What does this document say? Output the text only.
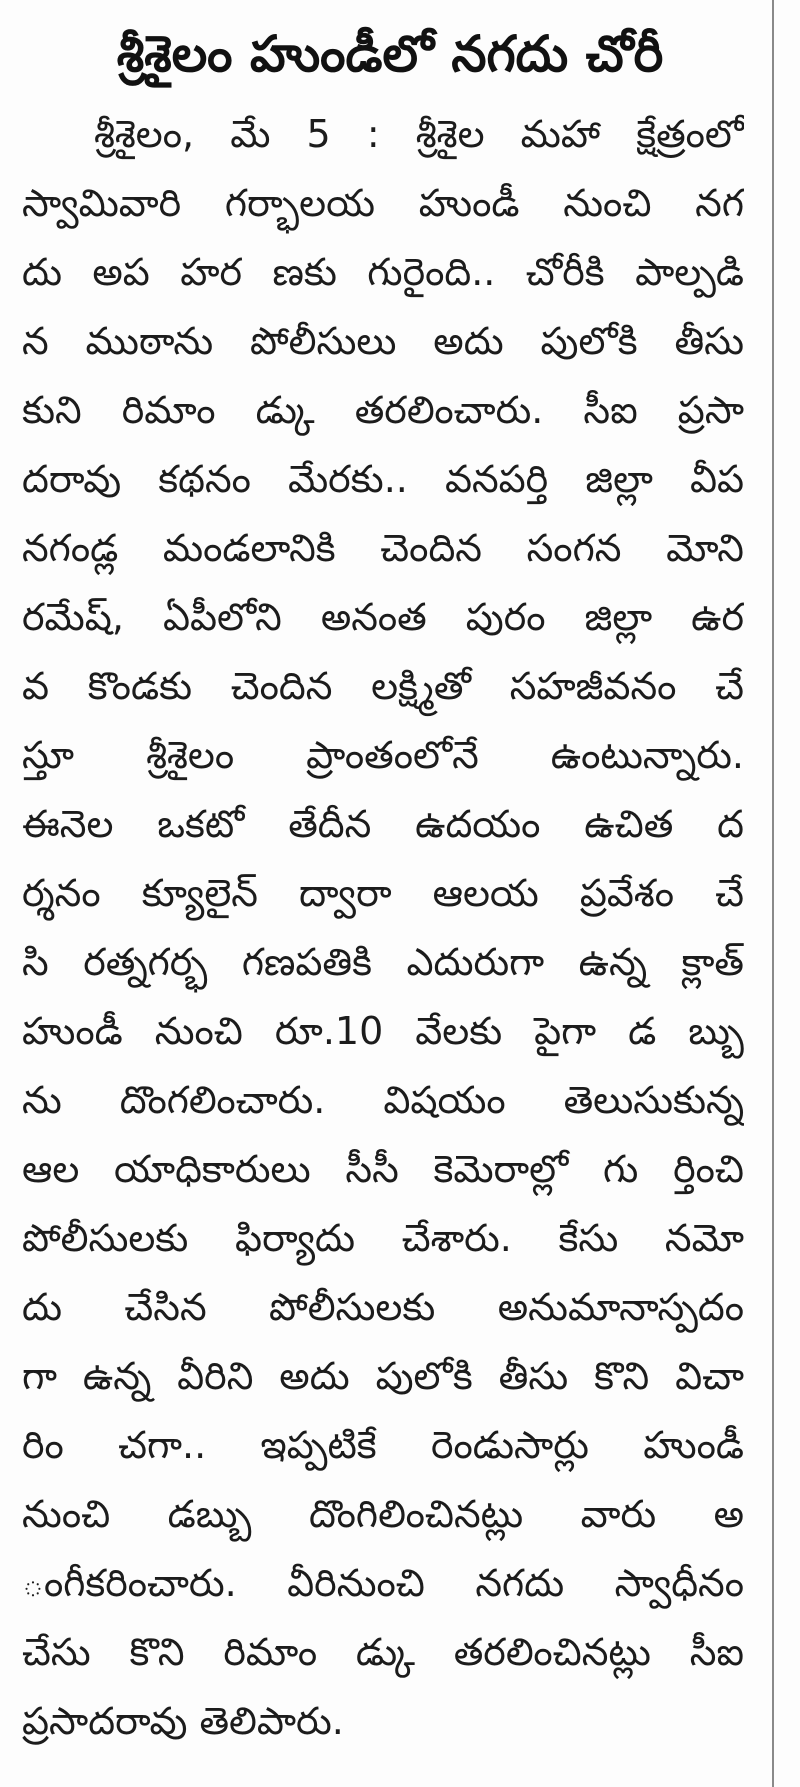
శ్రీశైలం హుండీలో నగదు చోరీ
శ్రీశైలం, మే 5 : శ్రీశైల మహా క్షేత్రంలో
స్వామివారి గర్భాలయ హుండీ నుంచి నగ
దు అప హర ణకు గురైంది.. చోరీకి పాల్పడి
న ముఠాను పోలీసులు అదు పులోకి తీసు
కుని రిమాం డ్కు తరలించారు. సీఐ ప్రసా
దరావు కథనం మేరకు.. వనపర్తి జిల్లా వీప
నగండ్ల మండలానికి చెందిన సంగన మోని
రమేష్, ఏపీలోని అనంత పురం జిల్లా ఉర
వ కొండకు చెందిన లక్ష్మితో సహజీవనం చే
స్తూ శ్రీశైలం ప్రాంతంలోనే ఉంటున్నారు.
ఈనెల ఒకటో తేదీన ఉదయం ఉచిత ద
ర్శనం క్యూలైన్ ద్వారా ఆలయ ప్రవేశం చే
సి రత్నగర్భ గణపతికి ఎదురుగా ఉన్న క్లాత్
హుండీ నుంచి రూ.10 వేలకు పైగా డ బ్బు
ను దొంగలించారు. విషయం తెలుసుకున్న
ఆల యాధికారులు సీసీ కెమెరాల్లో గు ర్తించి
పోలీసులకు ఫిర్యాదు చేశారు. కేసు నమో
దు చేసిన పోలీసులకు అనుమానాస్పదం
గా ఉన్న వీరిని అదు పులోకి తీసు కొని విచా
రిం చగా.. ఇప్పటికే రెండుసార్లు హుండీ
నుంచి డబ్బు దొంగిలించినట్లు వారు అ
ంగీకరించారు. వీరినుంచి నగదు స్వాధీనం
చేసు కొని రిమాం డ్కు తరలించినట్లు సీఐ
ప్రసాదరావు తెలిపారు.
